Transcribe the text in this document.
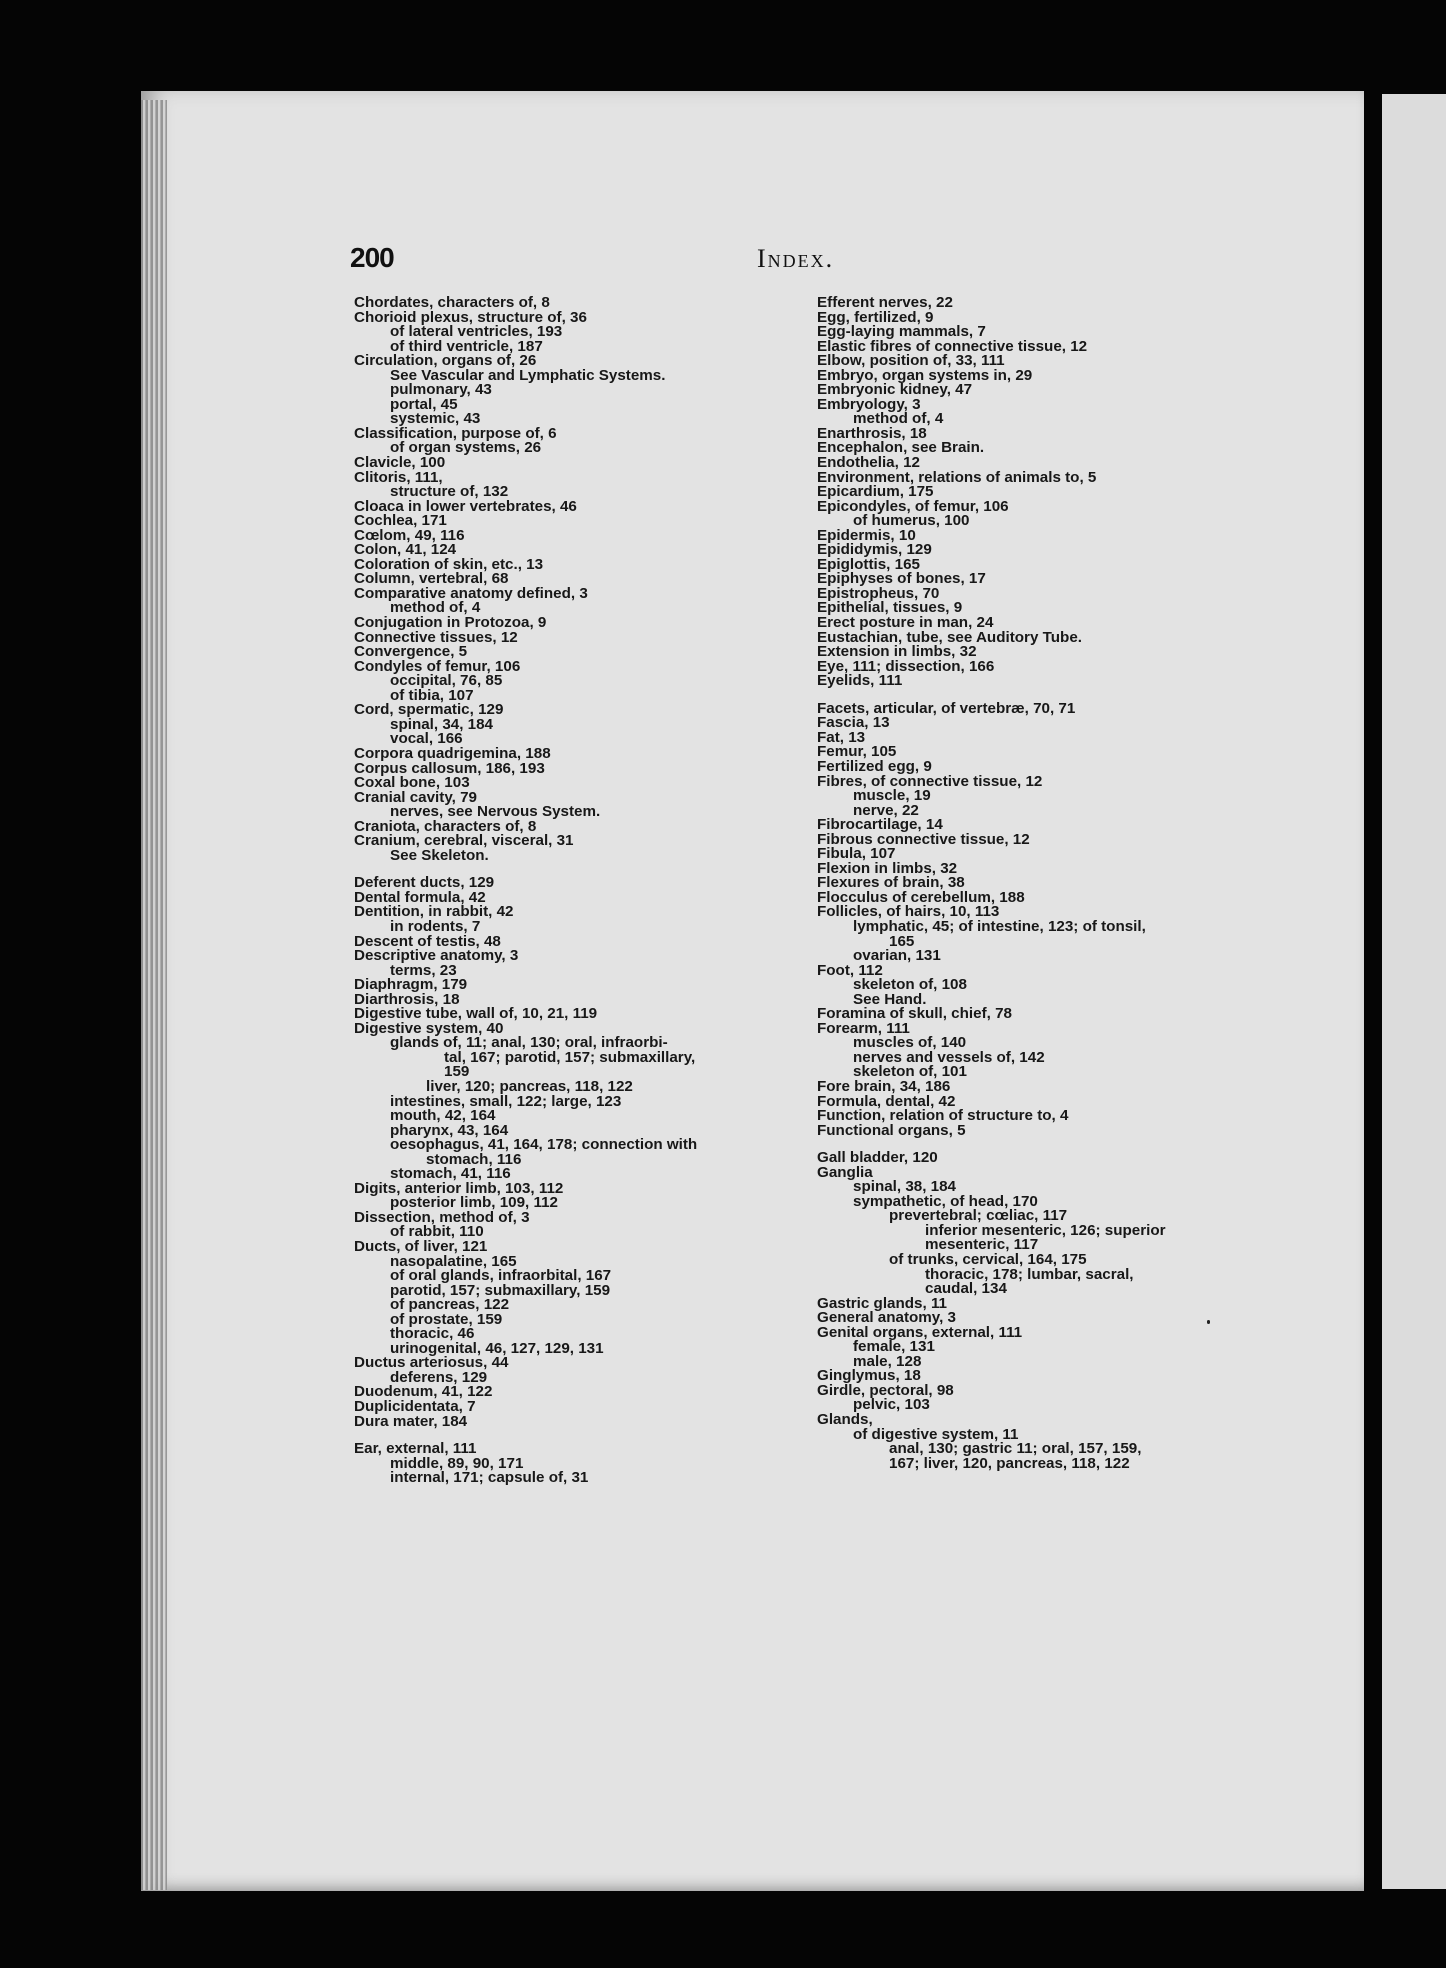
200	Index.
Chordates, characters of, 8
Chorioid plexus, structure of, 36
of lateral ventricles, 193
of third ventricle, 187
Circulation, organs of, 26
See Vascular and Lymphatic Systems.
pulmonary, 43
portal, 45
systemic, 43
Classification, purpose of, 6
of organ systems, 26
Clavicle, 100
Clitoris, 111,
structure of, 132
Cloaca in lower vertebrates, 46
Cochlea, 171
Cœlom, 49, 116
Colon, 41, 124
Coloration of skin, etc., 13
Column, vertebral, 68
Comparative anatomy defined, 3
method of, 4
Conjugation in Protozoa, 9
Connective tissues, 12
Convergence, 5
Condyles of femur, 106
occipital, 76, 85
of tibia, 107
Cord, spermatic, 129
spinal, 34, 184
vocal, 166
Corpora quadrigemina, 188
Corpus callosum, 186, 193
Coxal bone, 103
Cranial cavity, 79
nerves, see Nervous System.
Craniota, characters of, 8
Cranium, cerebral, visceral, 31
See Skeleton.
Deferent ducts, 129
Dental formula, 42
Dentition, in rabbit, 42
in rodents, 7
Descent of testis, 48
Descriptive anatomy, 3
terms, 23
Diaphragm, 179
Diarthrosis, 18
Digestive tube, wall of, 10, 21, 119
Digestive system, 40
glands of, 11; anal, 130; oral, infraorbi-
tal, 167; parotid, 157; submaxillary,
159
liver, 120; pancreas, 118, 122
intestines, small, 122; large, 123
mouth, 42, 164
pharynx, 43, 164
oesophagus, 41, 164, 178; connection with
stomach, 116
stomach, 41, 116
Digits, anterior limb, 103, 112
posterior limb, 109, 112
Dissection, method of, 3
of rabbit, 110
Ducts, of liver, 121
nasopalatine, 165
of oral glands, infraorbital, 167
parotid, 157; submaxillary, 159
of pancreas, 122
of prostate, 159
thoracic, 46
urinogenital, 46, 127, 129, 131
Ductus arteriosus, 44
deferens, 129
Duodenum, 41, 122
Duplicidentata, 7
Dura mater, 184
Ear, external, 111
middle, 89, 90, 171
internal, 171; capsule of, 31
Efferent nerves, 22
Egg, fertilized, 9
Egg-laying mammals, 7
Elastic fibres of connective tissue, 12
Elbow, position of, 33, 111
Embryo, organ systems in, 29
Embryonic kidney, 47
Embryology, 3
method of, 4
Enarthrosis, 18
Encephalon, see Brain.
Endothelia, 12
Environment, relations of animals to, 5
Epicardium, 175
Epicondyles, of femur, 106
of humerus, 100
Epidermis, 10
Epididymis, 129
Epiglottis, 165
Epiphyses of bones, 17
Epistropheus, 70
Epithelial, tissues, 9
Erect posture in man, 24
Eustachian, tube, see Auditory Tube.
Extension in limbs, 32
Eye, 111; dissection, 166
Eyelids, 111
Facets, articular, of vertebræ, 70, 71
Fascia, 13
Fat, 13
Femur, 105
Fertilized egg, 9
Fibres, of connective tissue, 12
muscle, 19
nerve, 22
Fibrocartilage, 14
Fibrous connective tissue, 12
Fibula, 107
Flexion in limbs, 32
Flexures of brain, 38
Flocculus of cerebellum, 188
Follicles, of hairs, 10, 113
lymphatic, 45; of intestine, 123; of tonsil,
165
ovarian, 131
Foot, 112
skeleton of, 108
See Hand.
Foramina of skull, chief, 78
Forearm, 111
muscles of, 140
nerves and vessels of, 142
skeleton of, 101
Fore brain, 34, 186
Formula, dental, 42
Function, relation of structure to, 4
Functional organs, 5
Gall bladder, 120
Ganglia
spinal, 38, 184
sympathetic, of head, 170
prevertebral; cœliac, 117
inferior mesenteric, 126; superior
mesenteric, 117
of trunks, cervical, 164, 175
thoracic, 178; lumbar, sacral,
caudal, 134
Gastric glands, 11
General anatomy, 3
Genital organs, external, 111
female, 131
male, 128
Ginglymus, 18
Girdle, pectoral, 98
pelvic, 103
Glands,
of digestive system, 11
anal, 130; gastric 11; oral, 157, 159,
167; liver, 120, pancreas, 118, 122
